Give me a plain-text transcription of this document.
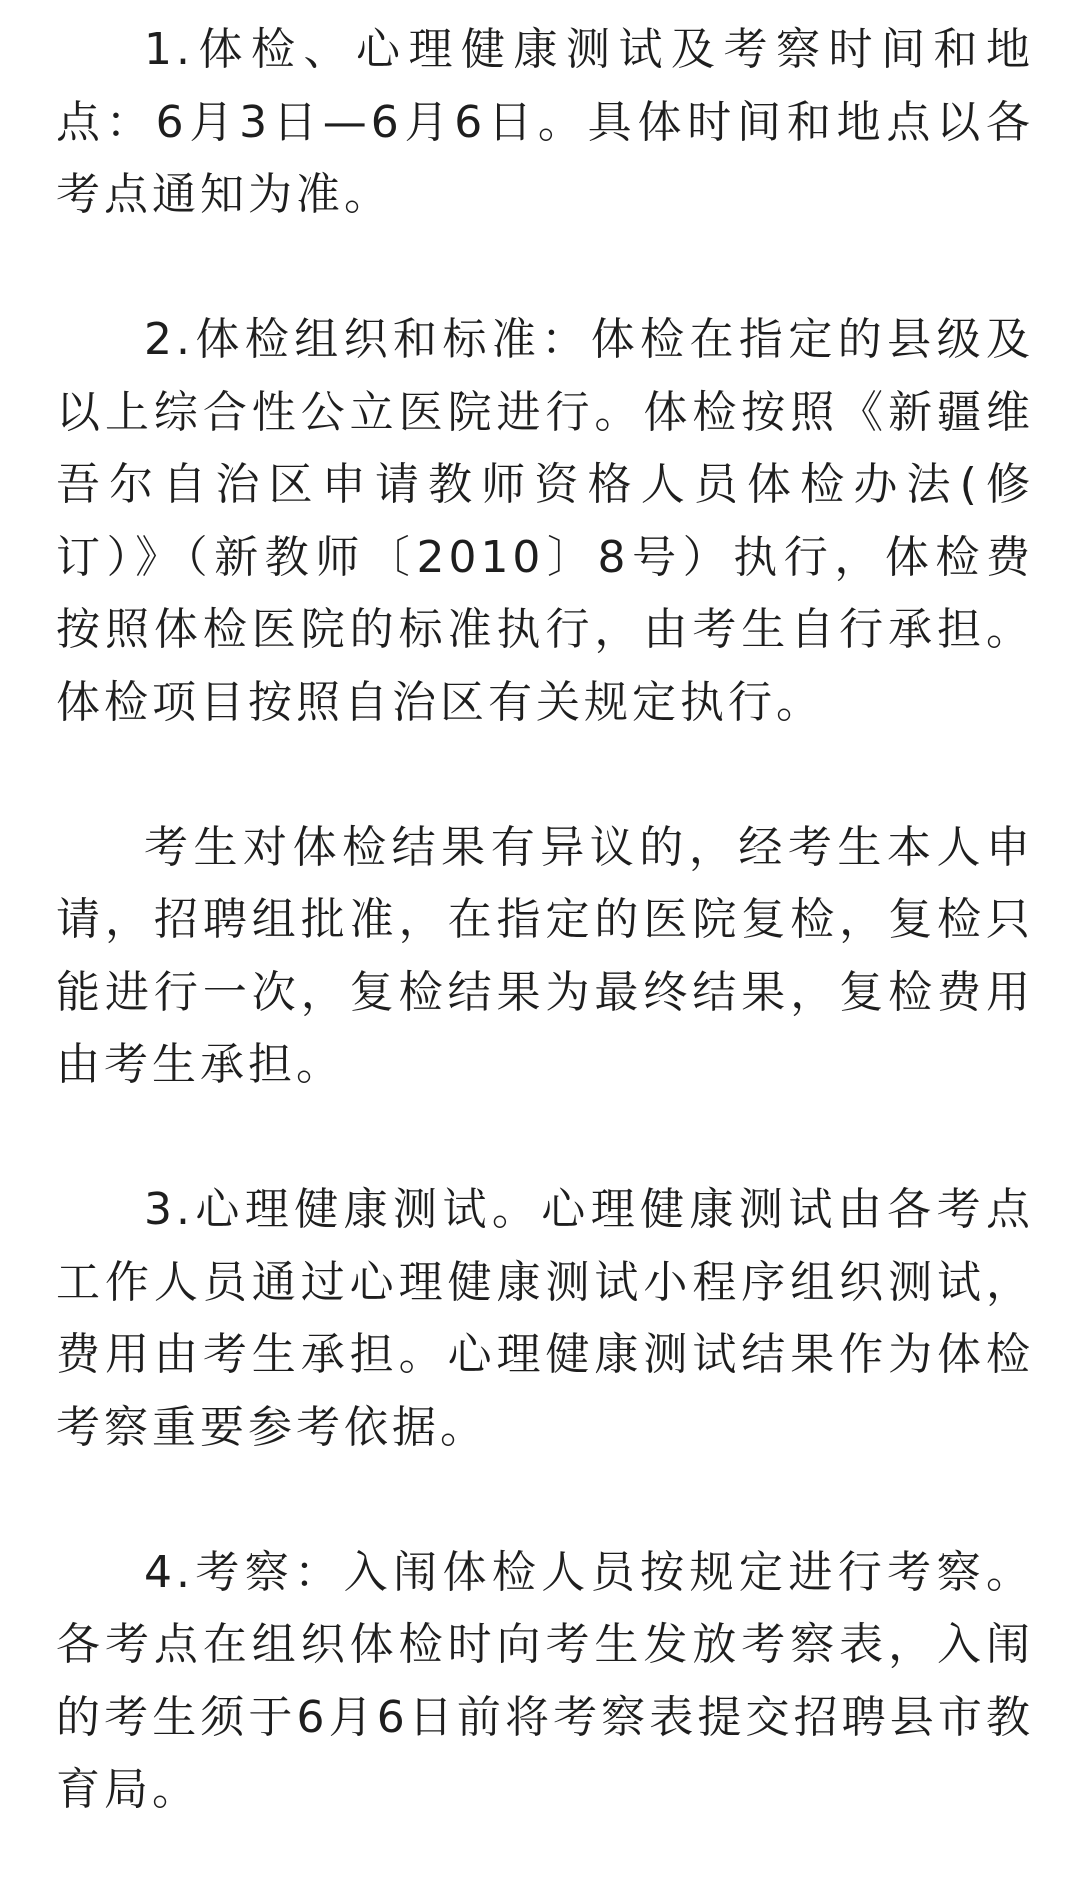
1.体检、心理健康测试及考察时间和地点：6月3日—6月6日。具体时间和地点以各考点通知为准。

2.体检组织和标准：体检在指定的县级及以上综合性公立医院进行。体检按照《新疆维吾尔自治区申请教师资格人员体检办法(修订）》（新教师〔2010〕8号）执行，体检费按照体检医院的标准执行，由考生自行承担。体检项目按照自治区有关规定执行。

考生对体检结果有异议的，经考生本人申请，招聘组批准，在指定的医院复检，复检只能进行一次，复检结果为最终结果，复检费用由考生承担。

3.心理健康测试。心理健康测试由各考点工作人员通过心理健康测试小程序组织测试，费用由考生承担。心理健康测试结果作为体检考察重要参考依据。

4.考察：入闱体检人员按规定进行考察。各考点在组织体检时向考生发放考察表，入闱的考生须于6月6日前将考察表提交招聘县市教育局。
